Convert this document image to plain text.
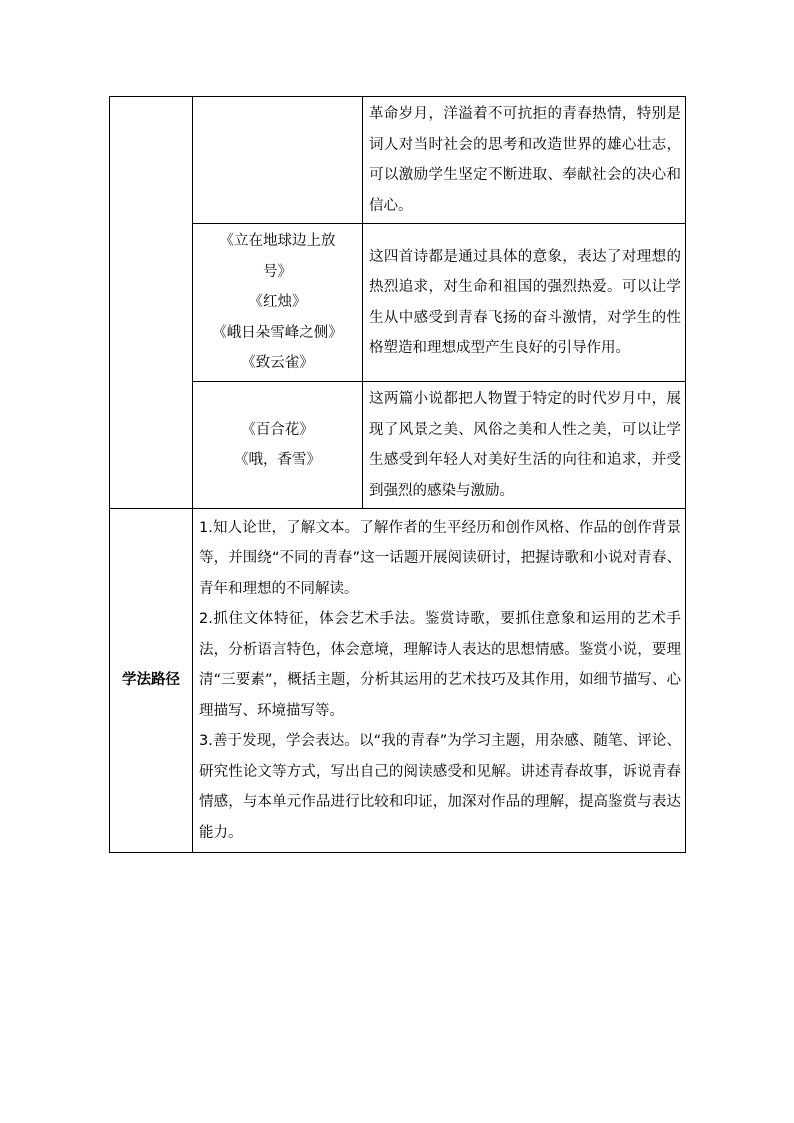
		革命岁月，洋溢着不可抗拒的青春热情，特别是词人对当时社会的思考和改造世界的雄心壮志，可以激励学生坚定不断进取、奉献社会的决心和信心。

	《立在地球边上放
号》
《红烛》
《峨日朵雪峰之侧》
《致云雀》	这四首诗都是通过具体的意象，表达了对理想的热烈追求，对生命和祖国的强烈热爱。可以让学生从中感受到青春飞扬的奋斗激情，对学生的性格塑造和理想成型产生良好的引导作用。

	《百合花》
《哦，香雪》	这两篇小说都把人物置于特定的时代岁月中，展现了风景之美、风俗之美和人性之美，可以让学生感受到年轻人对美好生活的向往和追求，并受到强烈的感染与激励。

学法路径	1.知人论世，了解文本。了解作者的生平经历和创作风格、作品的创作背景等，并围绕“不同的青春”这一话题开展阅读研讨，把握诗歌和小说对青春、青年和理想的不同解读。
2.抓住文体特征，体会艺术手法。鉴赏诗歌，要抓住意象和运用的艺术手法，分析语言特色，体会意境，理解诗人表达的思想情感。鉴赏小说，要理清“三要素”，概括主题，分析其运用的艺术技巧及其作用，如细节描写、心理描写、环境描写等。
3.善于发现，学会表达。以“我的青春”为学习主题，用杂感、随笔、评论、研究性论文等方式，写出自己的阅读感受和见解。讲述青春故事，诉说青春情感，与本单元作品进行比较和印证，加深对作品的理解，提高鉴赏与表达能力。	
